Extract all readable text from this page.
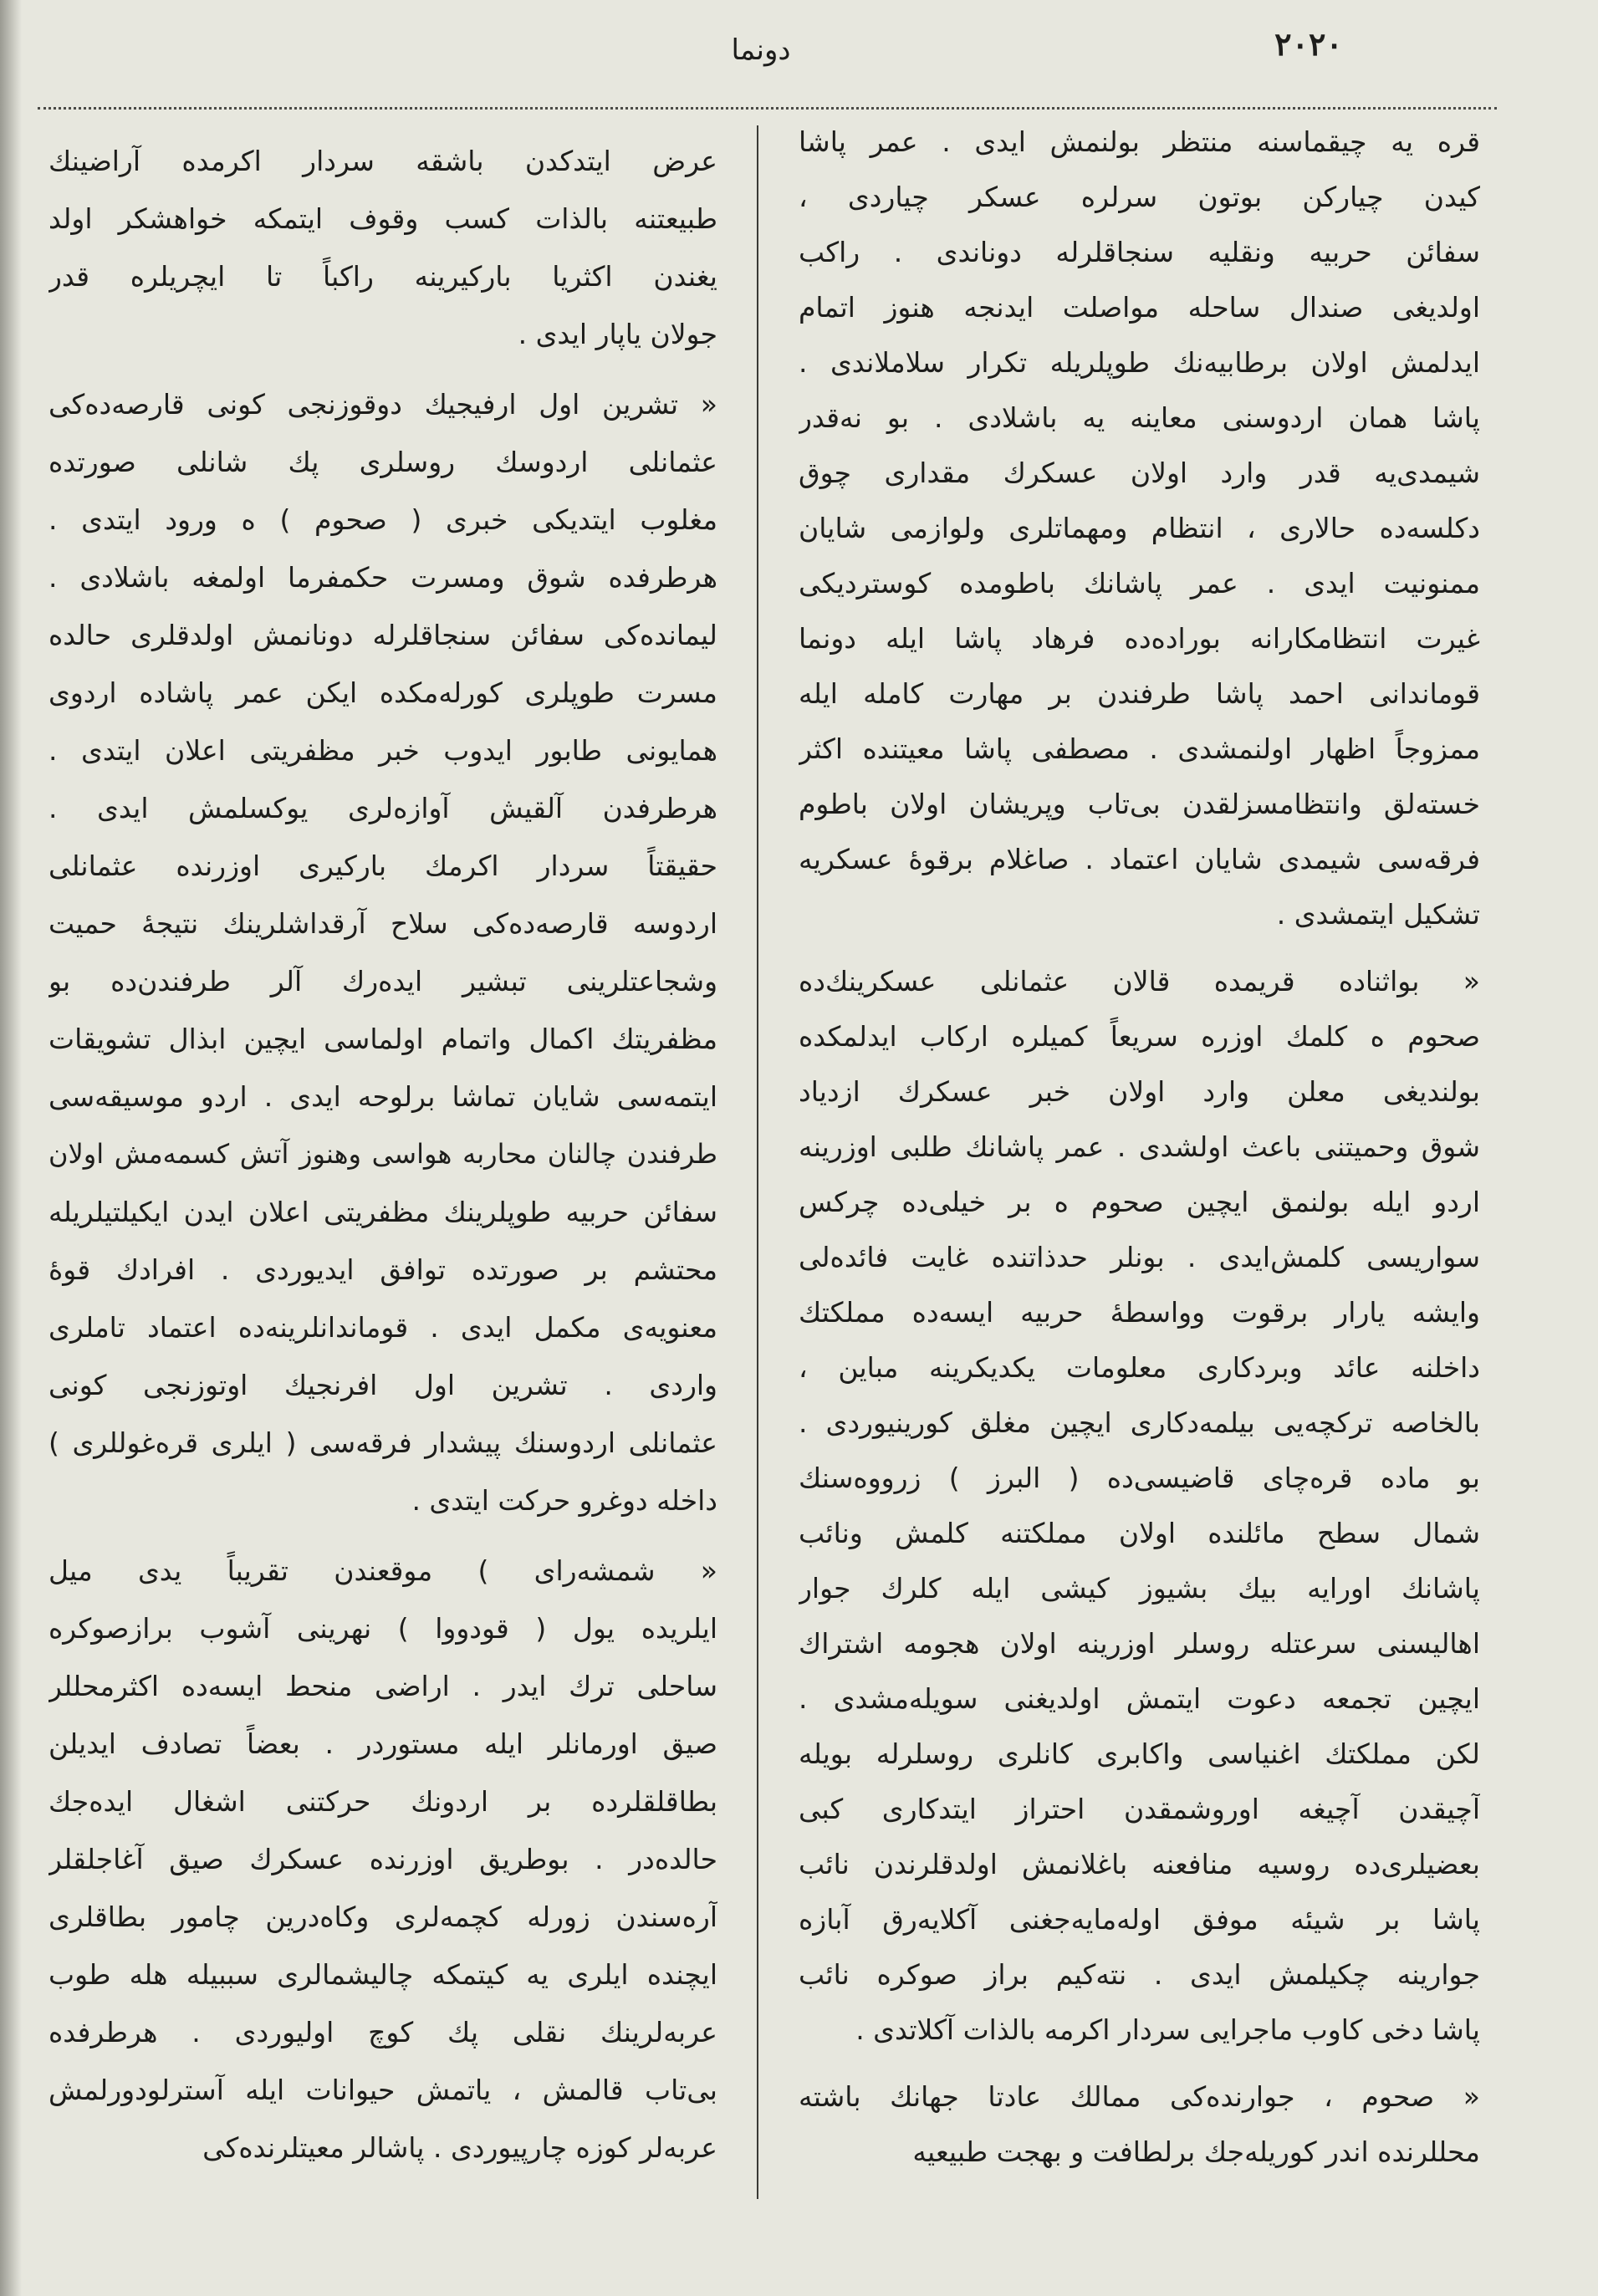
٢٠٢٠
دونما
قره یه چیقماسنه منتظر بولنمش ایدی . عمر پاشا
کیدن چیارکن بوتون سرلره عسکر چیاردی ،
سفائن حربیه ونقلیه سنجاقلرله دوناندی . راکب
اولدیغی صندال ساحله مواصلت ایدنجه هنوز اتمام
ایدلمش اولان برطابیه‌نك طوپلریله تکرار سلاملاندی .
پاشا همان اردوسنی معاینه یه باشلادی . بو نه‌قدر
شیمدی‌یه قدر وارد اولان عسکرك مقداری چوق
دکلسه‌ده حالاری ، انتظام ومهماتلری ولوازمی شایان
ممنونیت ایدی . عمر پاشانك باطومده کوستردیکی
غیرت انتظامکارانه بوراده‌ده فرهاد پاشا ایله دونما
قوماندانی احمد پاشا طرفندن بر مهارت کامله ایله
ممزوجاً اظهار اولنمشدی . مصطفی پاشا معیتنده اکثر
خسته‌لق وانتظامسزلقدن بی‌تاب وپریشان اولان باطوم
فرقه‌سی شیمدی شایان اعتماد . صاغلام برقوهٔ عسکریه
تشکیل ایتمشدی .
« بواثناده قریمده قالان عثمانلی عسکرینك‌ده
صحوم ه کلمك اوزره سریعاً کمیلره ارکاب ایدلمکده
بولندیغی معلن وارد اولان خبر عسکرك ازدیاد
شوق وحمیتنی باعث اولشدی . عمر پاشانك طلبی اوزرینه
اردو ایله بولنمق ایچین صحوم ه بر خیلی‌ده چرکس
سواریسی کلمش‌ایدی . بونلر حدذاتنده غایت فائده‌لی
وایشه یارار برقوت وواسطهٔ حربیه ایسه‌ده مملکتك
داخلنه عائد وبردکاری معلومات یکدیکرینه مباین ،
بالخاصه ترکچه‌یی بیلمه‌دکاری ایچین مغلق کورینیوردی .
بو ماده قره‌چای قاضیسی‌ده ( البرز ) زرووه‌سنك
شمال سطح مائلنده اولان مملکتنه کلمش ونائب
پاشانك اورایه بیك بشیوز کیشی ایله کلرك جوار
اهالیسنی سرعتله روسلر اوزرینه اولان هجومه اشتراك
ایچین تجمعه دعوت ایتمش اولدیغنی سویله‌مشدی .
لکن مملکتك اغنیاسی واکابری کانلری روسلرله بویله
آچیقدن آچیغه اوروشمقدن احتراز ایتدکاری کبی
بعضیلری‌ده روسیه منافعنه باغلانمش اولدقلرندن نائب
پاشا بر شیئه موفق اوله‌مایه‌جغنی آکلایه‌رق آبازه
جوارینه چکیلمش ایدی . نته‌کیم براز صوکره نائب
پاشا دخی کاوب ماجرایی سردار اکرمه بالذات آکلاتدی .
« صحوم ، جوارنده‌کی ممالك عادتا جهانك باشته
محللرنده اندر کوریله‌جك برلطافت و بهجت طبیعیه
عرض ایتدکدن باشقه سردار اکرمده آراضینك
طبیعتنه بالذات کسب وقوف ایتمکه خواهشکر اولد
یغندن اکثریا بارکیرینه راکباً تا ایچریلره قدر
جولان یاپار ایدی .
« تشرین اول ارفیجیك دوقوزنجی کونی قارصه‌ده‌کی
عثمانلی اردوسك روسلری پك شانلی صورتده
مغلوب ایتدیکی خبری ( صحوم ) ه ورود ایتدی .
هرطرفده شوق ومسرت حکمفرما اولمغه باشلادی .
لیمانده‌کی سفائن سنجاقلرله دونانمش اولدقلری حالده
مسرت طوپلری کورله‌مکده ایکن عمر پاشاده اردوی
همایونی طابور ایدوب خبر مظفریتی اعلان ایتدی .
هرطرفدن آلقیش آوازه‌لری یوکسلمش ایدی .
حقیقتاً سردار اکرمك بارکیری اوزرنده عثمانلی
اردوسه قارصه‌ده‌کی سلاح آرقداشلرینك نتیجهٔ حمیت
وشجاعتلرینی تبشیر ایده‌رك آلر طرفندن‌ده بو
مظفریتك اکمال واتمام اولماسی ایچین ابذال تشویقات
ایتمه‌سی شایان تماشا برلوحه ایدی . اردو موسیقه‌سی
طرفندن چالنان محاربه هواسی وهنوز آتش کسمه‌مش اولان
سفائن حربیه طوپلرینك مظفریتی اعلان ایدن ایکیلتیلریله
محتشم بر صورتده توافق ایدیوردی . افرادك قوهٔ
معنویه‌ی مکمل ایدی . قوماندانلرینه‌ده اعتماد تاملری
واردی . تشرین اول افرنجیك اوتوزنجی کونی
عثمانلی اردوسنك پیشدار فرقه‌سی ( ایلری قره‌غوللری )
داخله دوغرو حرکت ایتدی .
« شمشه‌رای ) موقعندن تقریباً یدی میل
ایلریده یول ( قودووا ) نهرینی آشوب برازصوکره
ساحلی ترك ایدر . اراضی منحط ایسه‌ده اکثرمحللر
صیق اورمانلر ایله مستوردر . بعضاً تصادف ایدیلن
بطاقلقلرده بر اردونك حرکتنی اشغال ایده‌جك
حالده‌در . بوطریق اوزرنده عسکرك صیق آغاجلقلر
آره‌سندن زورله کچمه‌لری وکاه‌درین چامور بطاقلری
ایچنده ایلری یه کیتمکه چالیشمالری سببیله هله طوب
عربه‌لرینك نقلی پك کوچ اولیوردی . هرطرفده
بی‌تاب قالمش ، یاتمش حیوانات ایله آسترلودورلمش
عربه‌لر کوزه چارپیوردی . پاشالر معیتلرنده‌کی
